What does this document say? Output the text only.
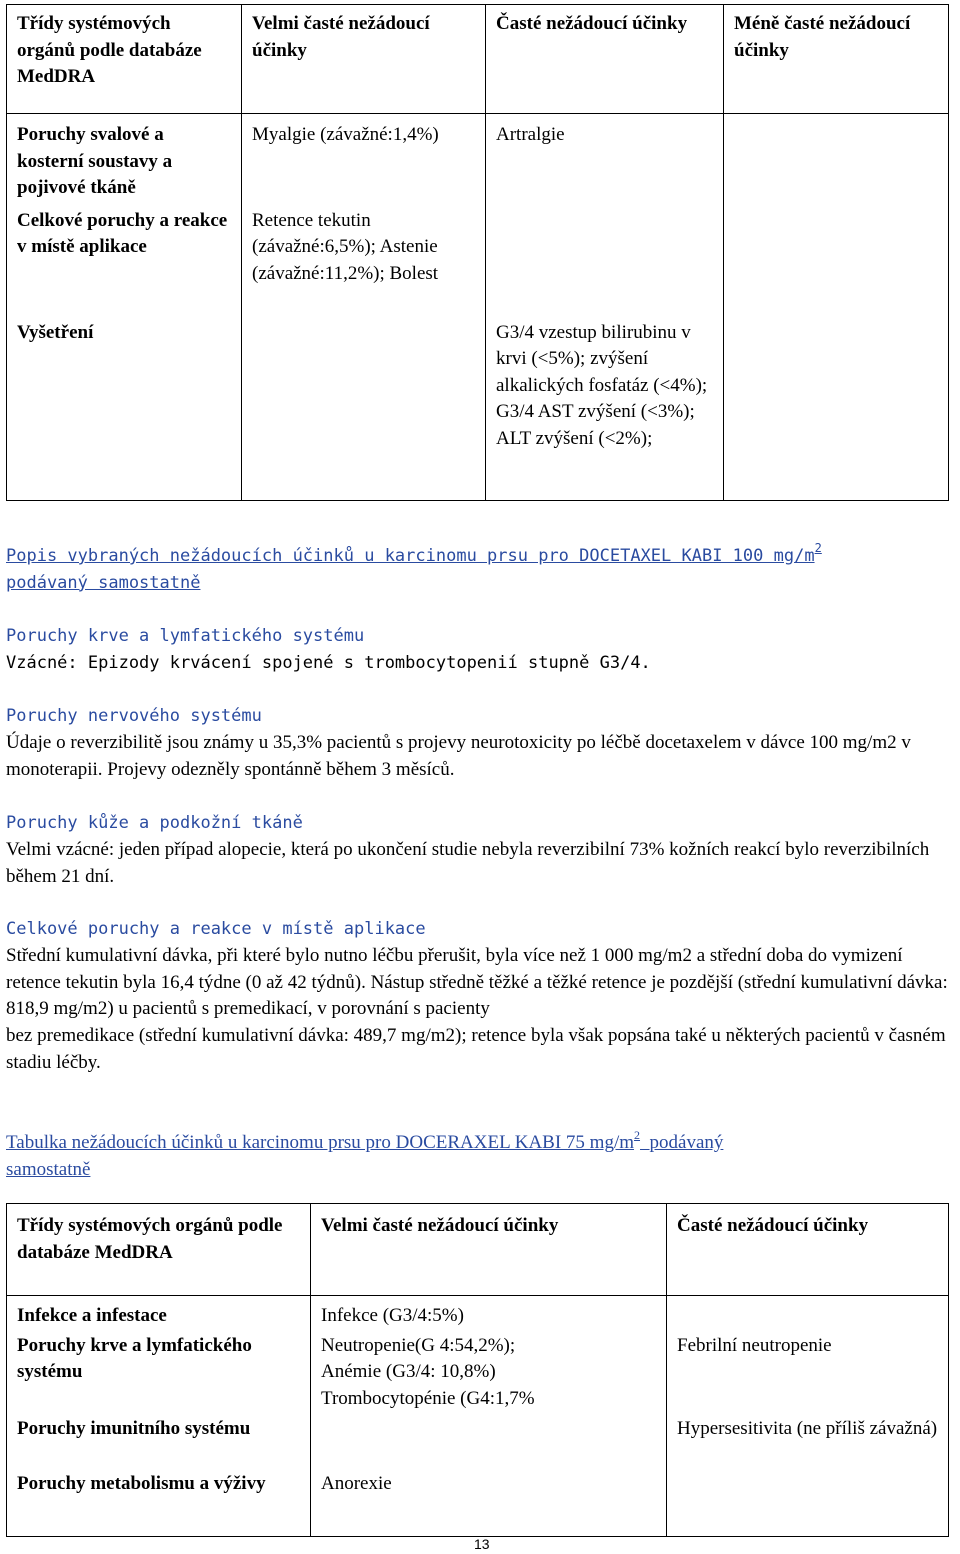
Třídy systémových orgánů podle databáze MedDRA	Velmi časté nežádoucí účinky	Časté nežádoucí účinky	Méně časté nežádoucí účinky
Poruchy svalové a kosterní soustavy a pojivové tkáně	Myalgie (závažné:1,4%)	Artralgie	
Celkové poruchy a reakce v místě aplikace	Retence tekutin (závažné:6,5%); Astenie (závažné:11,2%); Bolest		
Vyšetření		G3/4 vzestup bilirubinu v krvi (<5%); zvýšení alkalických fosfatáz (<4%); G3/4 AST zvýšení (<3%); ALT zvýšení (<2%);	
Popis vybraných nežádoucích účinků u karcinomu prsu pro DOCETAXEL KABI 100 $mg/m^2$
podávaný samostatně
Poruchy krve a lymfatického systému
Vzácné: Epizody krvácení spojené s trombocytopenií stupně G3/4.
Poruchy nervového systému
Údaje o reverzibilitě jsou známy u 35,3% pacientů s projevy neurotoxicity po léčbě docetaxelem v dávce 100 mg/m2 v monoterapii. Projevy odezněly spontánně během 3 měsíců.
Poruchy kůže a podkožní tkáně
Velmi vzácné: jeden případ alopecie, která po ukončení studie nebyla reverzibilní 73% kožních reakcí bylo reverzibilních během 21 dní.
Celkové poruchy a reakce v místě aplikace
Střední kumulativní dávka, při které bylo nutno léčbu přerušit, byla více než 1 000 mg/m2 a střední doba do vymizení retence tekutin byla 16,4 týdne (0 až 42 týdnů). Nástup středně těžké a těžké retence je pozdější (střední kumulativní dávka: 818,9 mg/m2) u pacientů s premedikací, v porovnání s pacienty
bez premedikace (střední kumulativní dávka: 489,7 mg/m2); retence byla však popsána také u některých pacientů v časném stadiu léčby.
Tabulka nežádoucích účinků u karcinomu prsu pro DOCERAXEL KABI 75 $mg/m^2$ podávaný
samostatně
Třídy systémových orgánů podle databáze MedDRA	Velmi časté nežádoucí účinky	Časté nežádoucí účinky
Infekce a infestace	Infekce (G3/4:5%)	

Poruchy krve a lymfatického systému	Neutropenie(G 4:54,2%);
Anémie (G3/4: 10,8%)
Trombocytopénie (G4:1,7%	Febrilní neutropenie
Poruchy imunitního systému		Hypersesitivita (ne příliš závažná)
Poruchy metabolismu a výživy	Anorexie	

13
